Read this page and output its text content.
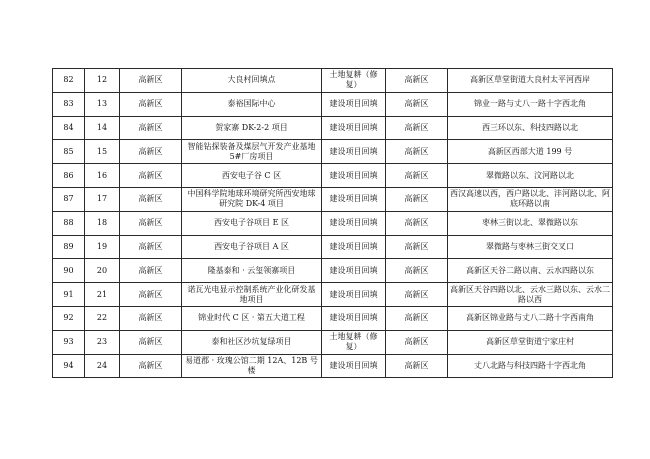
82	12	高新区	大良村回填点	土地复耕（修复）	高新区	高新区草堂街道大良村太平河西岸
83	13	高新区	泰裕国际中心	建设项目回填	高新区	锦业一路与丈八一路十字西北角
84	14	高新区	贺家寨 DK-2-2 项目	建设项目回填	高新区	西三环以东、科技四路以北
85	15	高新区	智能钻探装备及煤层气开发产业基地 5#厂房项目	建设项目回填	高新区	高新区西部大道 199 号
86	16	高新区	西安电子谷 C 区	建设项目回填	高新区	翠微路以东、汶河路以北
87	17	高新区	中国科学院地球环境研究所西安地球研究院 DK-4 项目	建设项目回填	高新区	西汉高速以西，西户路以北、沣河路以北、阿底环路以南
88	18	高新区	西安电子谷项目 E 区	建设项目回填	高新区	枣林三街以北、翠微路以东
89	19	高新区	西安电子谷项目 A 区	建设项目回填	高新区	翠微路与枣林三街交叉口
90	20	高新区	隆基泰和 · 云玺领寨项目	建设项目回填	高新区	高新区天谷二路以南、云水四路以东
91	21	高新区	诺瓦光电显示控制系统产业化研发基地项目	建设项目回填	高新区	高新区天谷四路以北、云水三路以东、云水二路以西
92	22	高新区	锦业时代 C 区 · 第五大道工程	建设项目回填	高新区	高新区锦业路与丈八二路十字西南角
93	23	高新区	泰和社区沙坑复绿项目	土地复耕（修复）	高新区	高新区草堂街道宁家庄村
94	24	高新区	易道郡 · 玫瑰公馆二期 12A、12B 号楼	建设项目回填	高新区	丈八北路与科技四路十字西北角
